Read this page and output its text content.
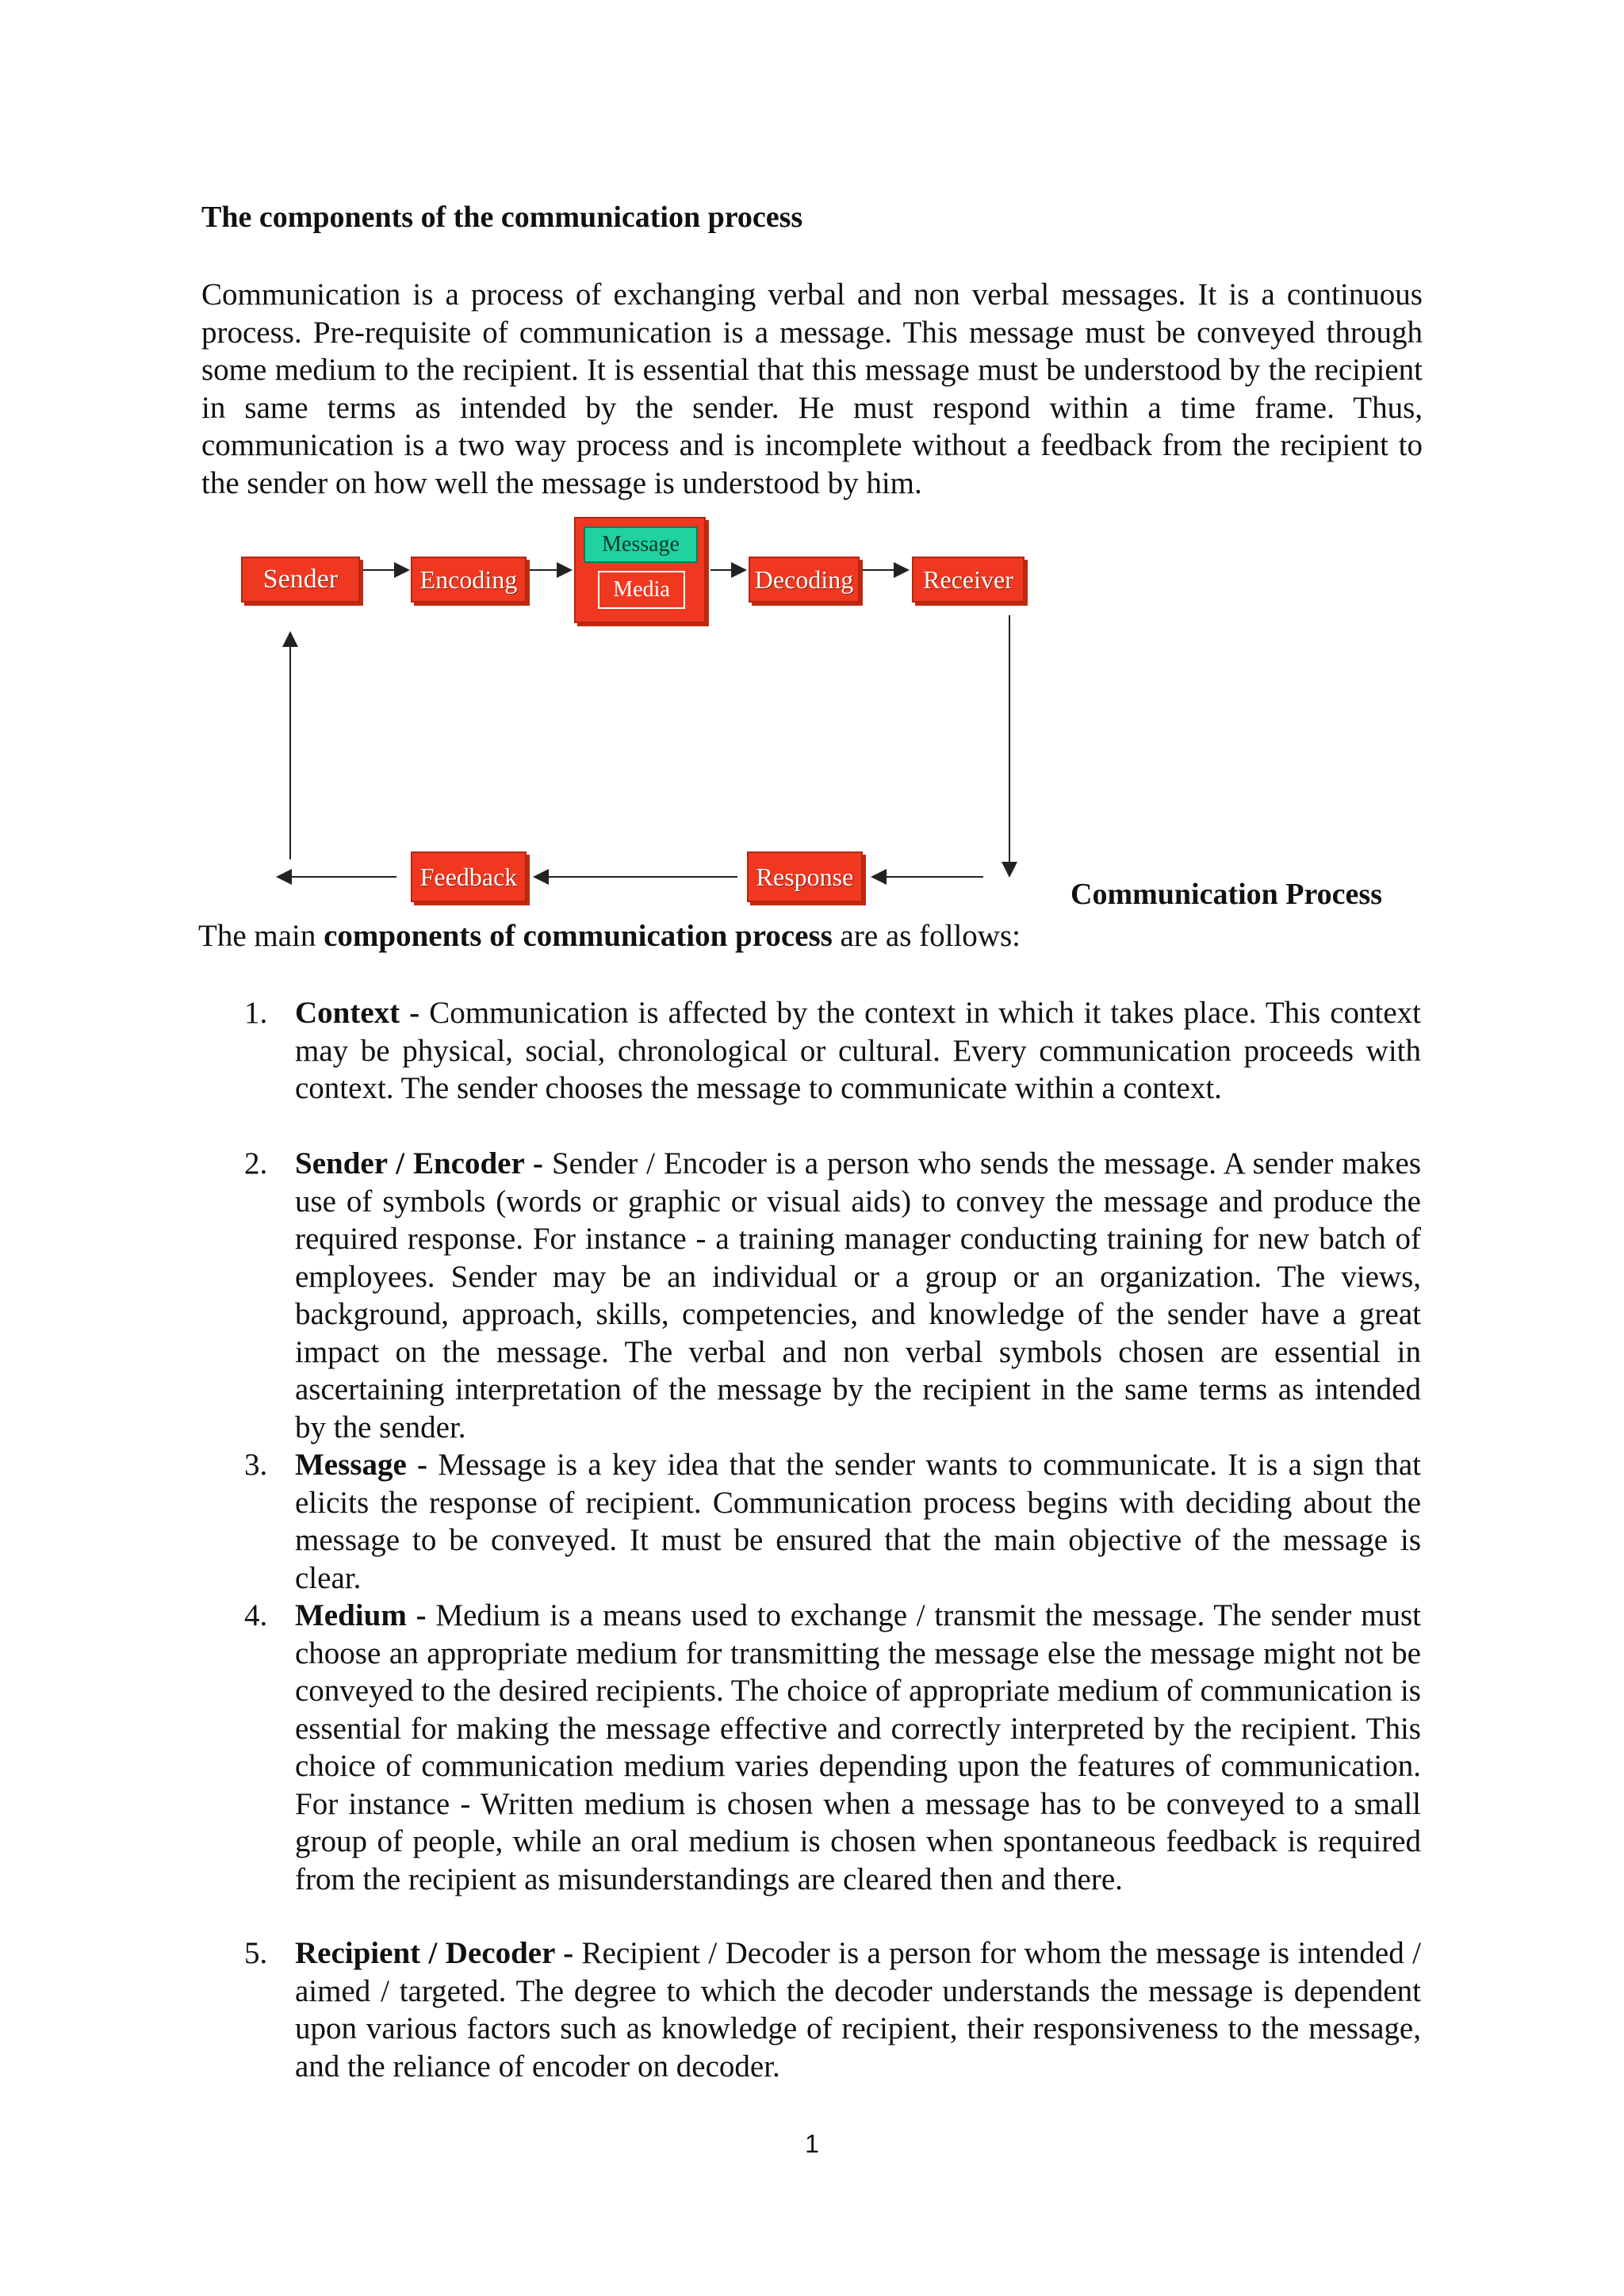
The components of the communication process
Communication is a process of exchanging verbal and non verbal messages. It is a continuous process. Pre-requisite of communication is a message. This message must be conveyed through some medium to the recipient. It is essential that this message must be understood by the recipient in same terms as intended by the sender. He must respond within a time frame. Thus, communication is a two way process and is incomplete without a feedback from the recipient to the sender on how well the message is understood by him.
Sender	Encoding
Message
Media	Decoding	Receiver
Feedback	Response
Communication Process
The main components of communication process are as follows:
1. Context - Communication is affected by the context in which it takes place. This context may be physical, social, chronological or cultural. Every communication proceeds with context. The sender chooses the message to communicate within a context.
2. Sender / Encoder - Sender / Encoder is a person who sends the message. A sender makes use of symbols (words or graphic or visual aids) to convey the message and produce the required response. For instance - a training manager conducting training for new batch of employees. Sender may be an individual or a group or an organization. The views, background, approach, skills, competencies, and knowledge of the sender have a great impact on the message. The verbal and non verbal symbols chosen are essential in ascertaining interpretation of the message by the recipient in the same terms as intended by the sender.
3. Message - Message is a key idea that the sender wants to communicate. It is a sign that elicits the response of recipient. Communication process begins with deciding about the message to be conveyed. It must be ensured that the main objective of the message is clear.
4. Medium - Medium is a means used to exchange / transmit the message. The sender must choose an appropriate medium for transmitting the message else the message might not be conveyed to the desired recipients. The choice of appropriate medium of communication is essential for making the message effective and correctly interpreted by the recipient. This choice of communication medium varies depending upon the features of communication. For instance - Written medium is chosen when a message has to be conveyed to a small group of people, while an oral medium is chosen when spontaneous feedback is required from the recipient as misunderstandings are cleared then and there.
5. Recipient / Decoder - Recipient / Decoder is a person for whom the message is intended / aimed / targeted. The degree to which the decoder understands the message is dependent upon various factors such as knowledge of recipient, their responsiveness to the message, and the reliance of encoder on decoder.
1
